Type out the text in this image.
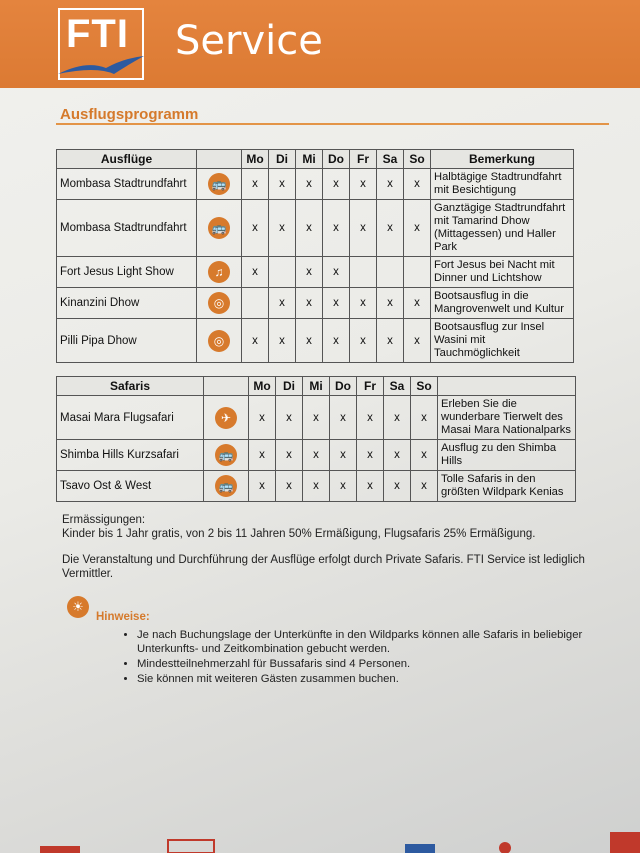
FTI Service
Ausflugsprogramm
Ausflüge		Mo	Di	Mi	Do	Fr	Sa	So	Bemerkung
Mombasa Stadtrundfahrt	🚌	x	x	x	x	x	x	x	Halbtägige Stadtrundfahrt mit Besichtigung
Mombasa Stadtrundfahrt	🚌	x	x	x	x	x	x	x	Ganztägige Stadtrundfahrt mit Tamarind Dhow (Mittagessen) und Haller Park
Fort Jesus Light Show	♫	x		x	x				Fort Jesus bei Nacht mit Dinner und Lichtshow
Kinanzini Dhow	◎		x	x	x	x	x	x	Bootsausflug in die Mangrovenwelt und Kultur
Pilli Pipa Dhow	◎	x	x	x	x	x	x	x	Bootsausflug zur Insel Wasini mit Tauchmöglichkeit
Safaris		Mo	Di	Mi	Do	Fr	Sa	So	
Masai Mara Flugsafari	✈	x	x	x	x	x	x	x	Erleben Sie die wunderbare Tierwelt des Masai Mara Nationalparks
Shimba Hills Kurzsafari	🚌	x	x	x	x	x	x	x	Ausflug zu den Shimba Hills
Tsavo Ost & West	🚌	x	x	x	x	x	x	x	Tolle Safaris in den größten Wildpark Kenias

Ermässigungen:
Kinder bis 1 Jahr gratis, von 2 bis 11 Jahren 50% Ermäßigung, Flugsafaris 25% Ermäßigung.

Die Veranstaltung und Durchführung der Ausflüge erfolgt durch Private Safaris. FTI Service ist lediglich Vermittler.

☀
Hinweise:
• Je nach Buchungslage der Unterkünfte in den Wildparks können alle Safaris in beliebiger Unterkunfts- und Zeitkombination gebucht werden.
• Mindestteilnehmerzahl für Bussafaris sind 4 Personen.
• Sie können mit weiteren Gästen zusammen buchen.
